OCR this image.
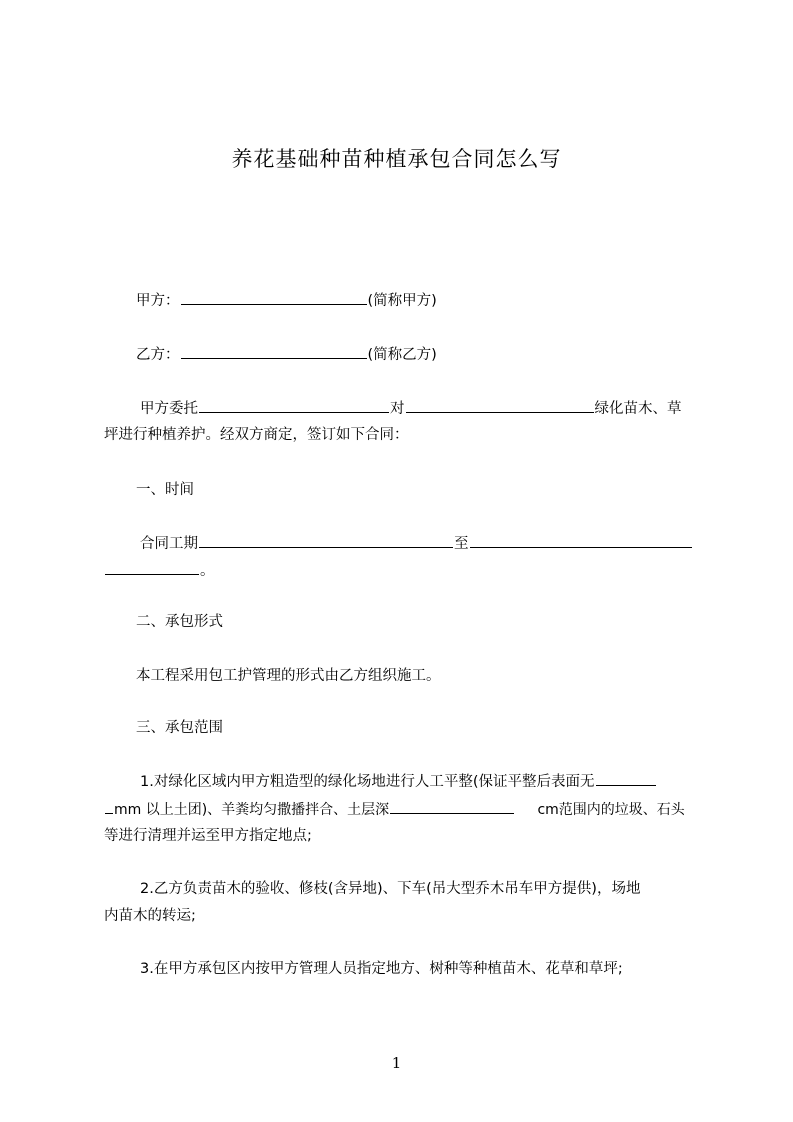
养花基础种苗种植承包合同怎么写
甲方：	(简称甲方)
乙方：	(简称乙方)
甲方委托	对	绿化苗木、草
坪进行种植养护。经双方商定，签订如下合同：
一、时间
合同工期	至
。
二、承包形式
本工程采用包工护管理的形式由乙方组织施工。
三、承包范围
1.对绿化区域内甲方粗造型的绿化场地进行人工平整(保证平整后表面无
mm 以上土团)、羊粪均匀撒播拌合、土层深	cm范围内的垃圾、石头
等进行清理并运至甲方指定地点;
2.乙方负责苗木的验收、修枝(含异地)、下车(吊大型乔木吊车甲方提供)，场地
内苗木的转运;
3.在甲方承包区内按甲方管理人员指定地方、树种等种植苗木、花草和草坪;
1
